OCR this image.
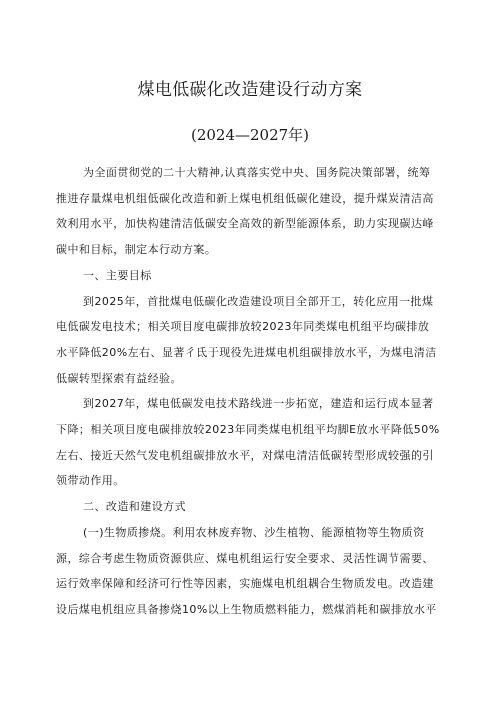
煤电低碳化改造建设行动方案
(2024—2027年)

为全面贯彻党的二十大精神,认真落实党中央、国务院决策部署，统筹
推进存量煤电机组低碳化改造和新上煤电机组低碳化建设，提升煤炭清洁高
效利用水平，加快构建清洁低碳安全高效的新型能源体系，助力实现碳达峰
碳中和目标，制定本行动方案。

一、主要目标

到2025年，首批煤电低碳化改造建设项目全部开工，转化应用一批煤
电低碳发电技术；相关项目度电碳排放较2023年同类煤电机组平均碳排放
水平降低20%左右、显著彳氐于现役先进煤电机组碳排放水平，为煤电清洁
低碳转型探索有益经验。

到2027年，煤电低碳发电技术路线进一步拓宽，建造和运行成本显著
下降；相关项目度电碳排放较2023年同类煤电机组平均脚E放水平降低50%
左右、接近天然气发电机组碳排放水平，对煤电清洁低碳转型形成较强的引
领带动作用。

二、改造和建设方式

(一)生物质掺烧。利用农林废弃物、沙生植物、能源植物等生物质资
源，综合考虑生物质资源供应、煤电机组运行安全要求、灵活性调节需要、
运行效率保障和经济可行性等因素，实施煤电机组耦合生物质发电。改造建
设后煤电机组应具备掺烧10%以上生物质燃料能力，燃煤消耗和碳排放水平
